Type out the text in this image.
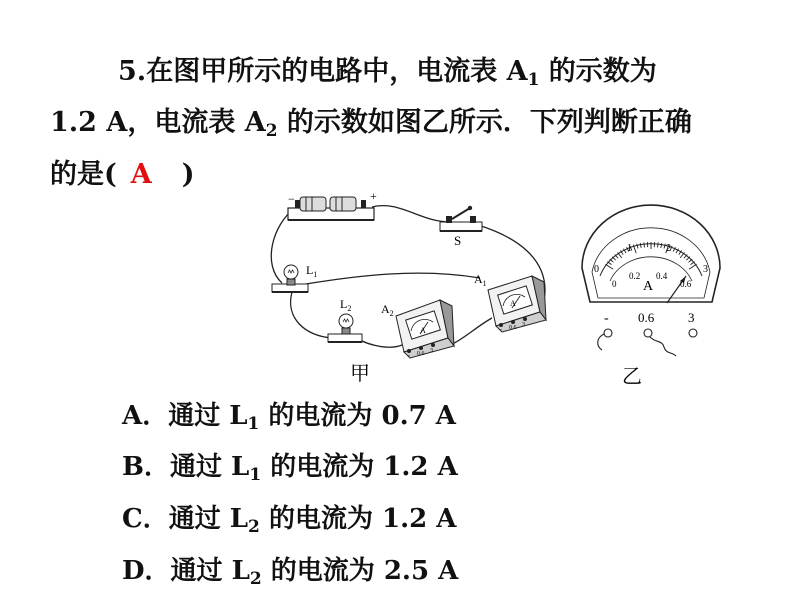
5.在图甲所示的电路中，电流表 $A_1$ 的示数为
1.2 A，电流表 $A_2$ 的示数如图乙所示．下列判断正确
的是( A )
−	+
S
$L_1$
$L_2$
A
$A_2$
- 0.6 3
A
$A_1$
- 0.6 3
甲
0
1	2
3
0
0.2 0.4
0.6
A
- 0.6	3
乙
A．通过 $L_1$ 的电流为 0.7 A
B．通过 $L_1$ 的电流为 1.2 A
C．通过 $L_2$ 的电流为 1.2 A
D．通过 $L_2$ 的电流为 2.5 A
